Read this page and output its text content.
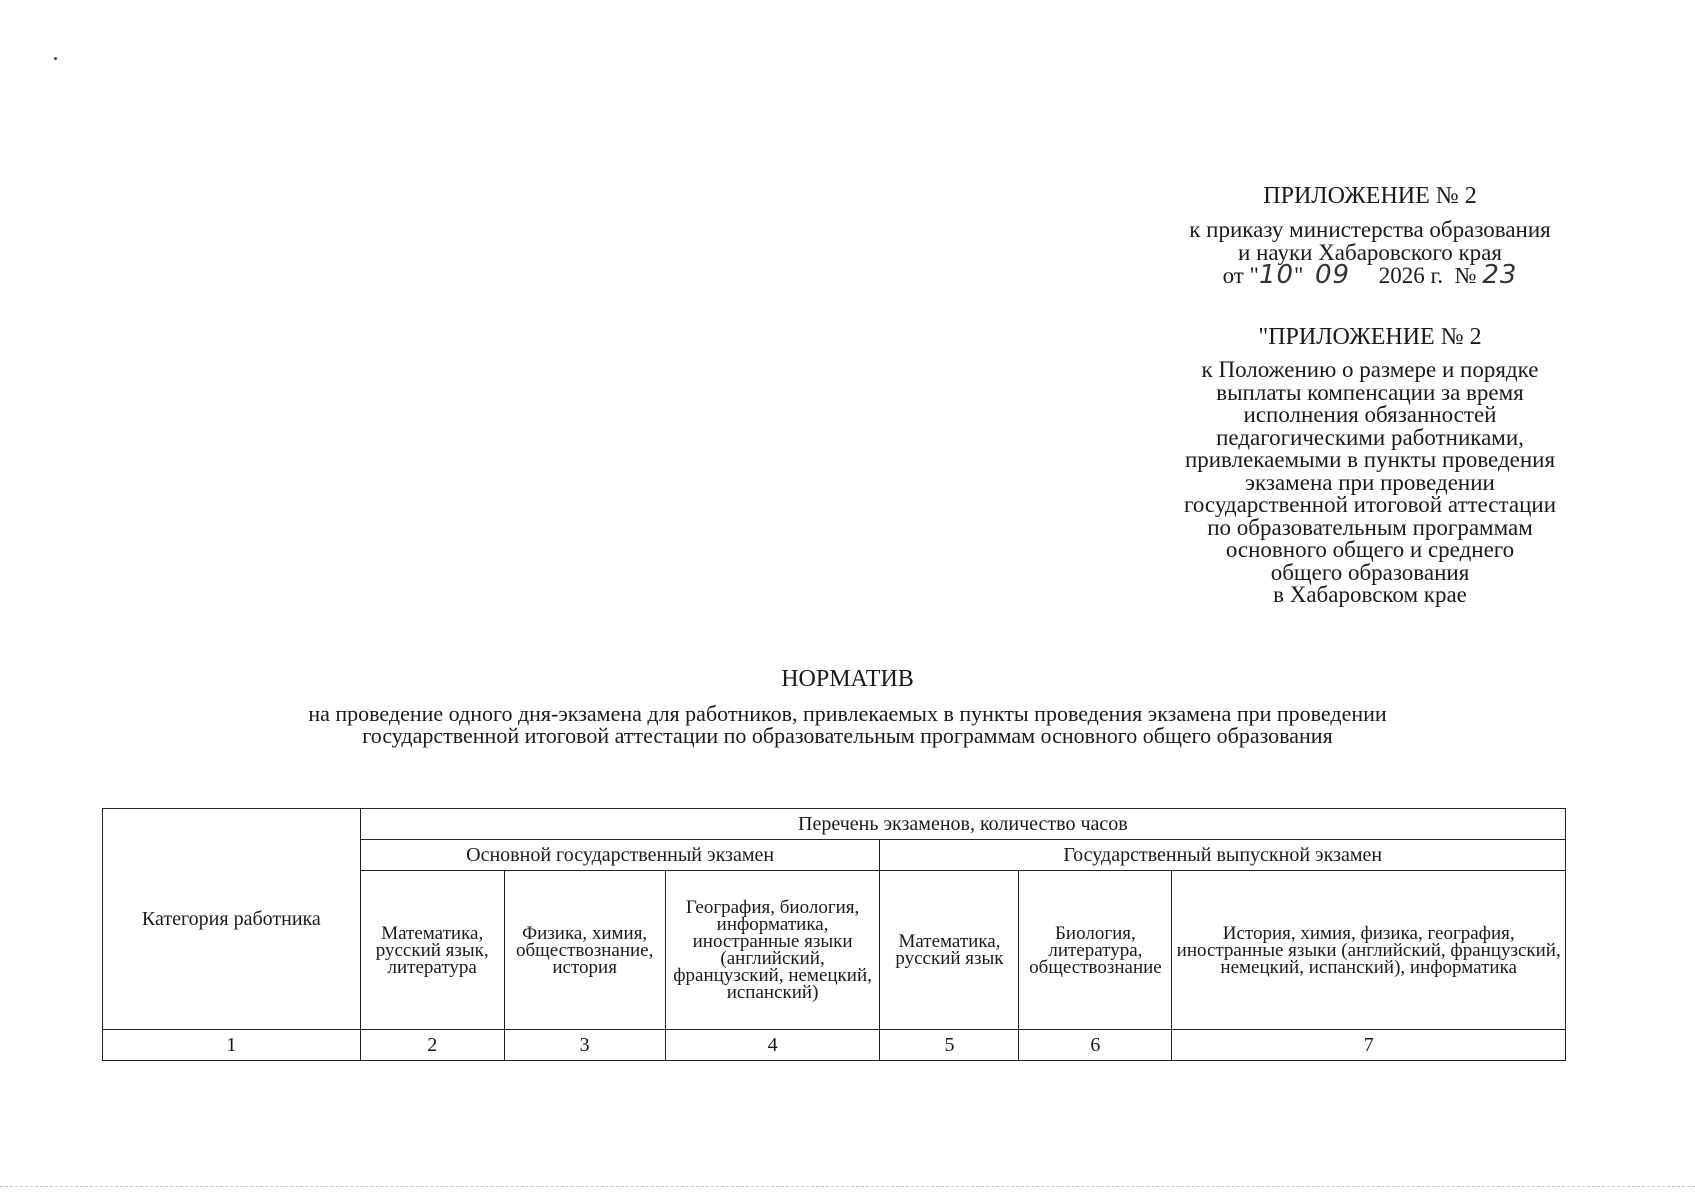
ПРИЛОЖЕНИЕ № 2
к приказу министерства образования
и науки Хабаровского края
от " 10 "
09
2026 г.
№
23
"ПРИЛОЖЕНИЕ № 2
к Положению о размере и порядке
выплаты компенсации за время
исполнения обязанностей
педагогическими работниками,
привлекаемыми в пункты проведения
экзамена при проведении
государственной итоговой аттестации
по образовательным программам
основного общего и среднего
общего образования
в Хабаровском крае
НОРМАТИВ
на проведение одного дня-экзамена для работников, привлекаемых в пункты проведения экзамена при проведении
государственной итоговой аттестации по образовательным программам основного общего образования
Категория работника	Перечень экзаменов, количество часов					
	Основной государственный экзамен			Государственный выпускной экзамен		
	Математика, русский язык, литература	Физика, химия, обществознание, история	География, биология, информатика, иностранные языки (английский, французский, немецкий, испанский)	Математика, русский язык	Биология, литература, обществознание	История, химия, физика, география, иностранные языки (английский, французский, немецкий, испанский), информатика
1	2	3	4	5	6	7
